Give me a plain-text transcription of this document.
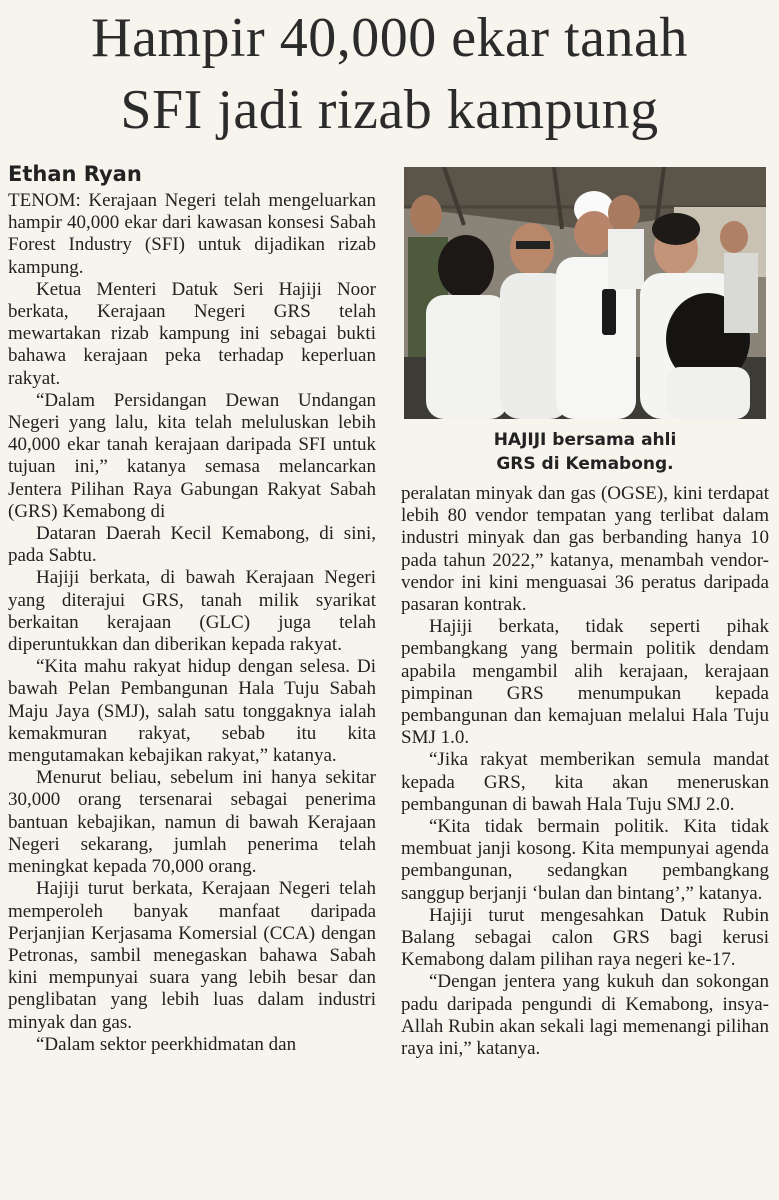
Hampir 40,000 ekar tanah
SFI jadi rizab kampung
Ethan Ryan

TENOM: Kerajaan Negeri telah mengeluarkan hampir 40,000 ekar dari kawasan konsesi Sabah Forest Industry (SFI) untuk dijadikan rizab kampung.

Ketua Menteri Datuk Seri Hajiji Noor berkata, Kerajaan Negeri GRS telah mewartakan rizab kampung ini sebagai bukti bahawa kerajaan peka terhadap keperluan rakyat.

“Dalam Persidangan Dewan Undangan Negeri yang lalu, kita telah meluluskan lebih 40,000 ekar tanah kerajaan daripada SFI untuk tujuan ini,” katanya semasa melancarkan Jentera Pilihan Raya Gabungan Rakyat Sabah (GRS) Kemabong di

Dataran Daerah Kecil Kemabong, di sini, pada Sabtu.

Hajiji berkata, di bawah Kerajaan Negeri yang diterajui GRS, tanah milik syarikat berkaitan kerajaan (GLC) juga telah diperuntukkan dan diberikan kepada rakyat.

“Kita mahu rakyat hidup dengan selesa. Di bawah Pelan Pembangunan Hala Tuju Sabah Maju Jaya (SMJ), salah satu tonggaknya ialah kemakmuran rakyat, sebab itu kita mengutamakan kebajikan rakyat,” katanya.

Menurut beliau, sebelum ini hanya sekitar 30,000 orang tersenarai sebagai penerima bantuan kebajikan, namun di bawah Kerajaan Negeri sekarang, jumlah penerima telah meningkat kepada 70,000 orang.

Hajiji turut berkata, Kerajaan Negeri telah memperoleh banyak manfaat daripada Perjanjian Kerjasama Komersial (CCA) dengan Petronas, sambil menegaskan bahawa Sabah kini mempunyai suara yang lebih besar dan penglibatan yang lebih luas dalam industri minyak dan gas.

“Dalam sektor peerkhidmatan dan

HAJIJI bersama ahli
GRS di Kemabong.

peralatan minyak dan gas (OGSE), kini terdapat lebih 80 vendor tempatan yang terlibat dalam industri minyak dan gas berbanding hanya 10 pada tahun 2022,” katanya, menambah vendor-vendor ini kini menguasai 36 peratus daripada pasaran kontrak.

Hajiji berkata, tidak seperti pihak pembangkang yang bermain politik dendam apabila mengambil alih kerajaan, kerajaan pimpinan GRS menumpukan kepada pembangunan dan kemajuan melalui Hala Tuju SMJ 1.0.

“Jika rakyat memberikan semula mandat kepada GRS, kita akan meneruskan pembangunan di bawah Hala Tuju SMJ 2.0.

“Kita tidak bermain politik. Kita tidak membuat janji kosong. Kita mempunyai agenda pembangunan, sedangkan pembangkang sanggup berjanji ‘bulan dan bintang’,” katanya.

Hajiji turut mengesahkan Datuk Rubin Balang sebagai calon GRS bagi kerusi Kemabong dalam pilihan raya negeri ke-17.

“Dengan jentera yang kukuh dan sokongan padu daripada pengundi di Kemabong, insya-Allah Rubin akan sekali lagi memenangi pilihan raya ini,” katanya.
